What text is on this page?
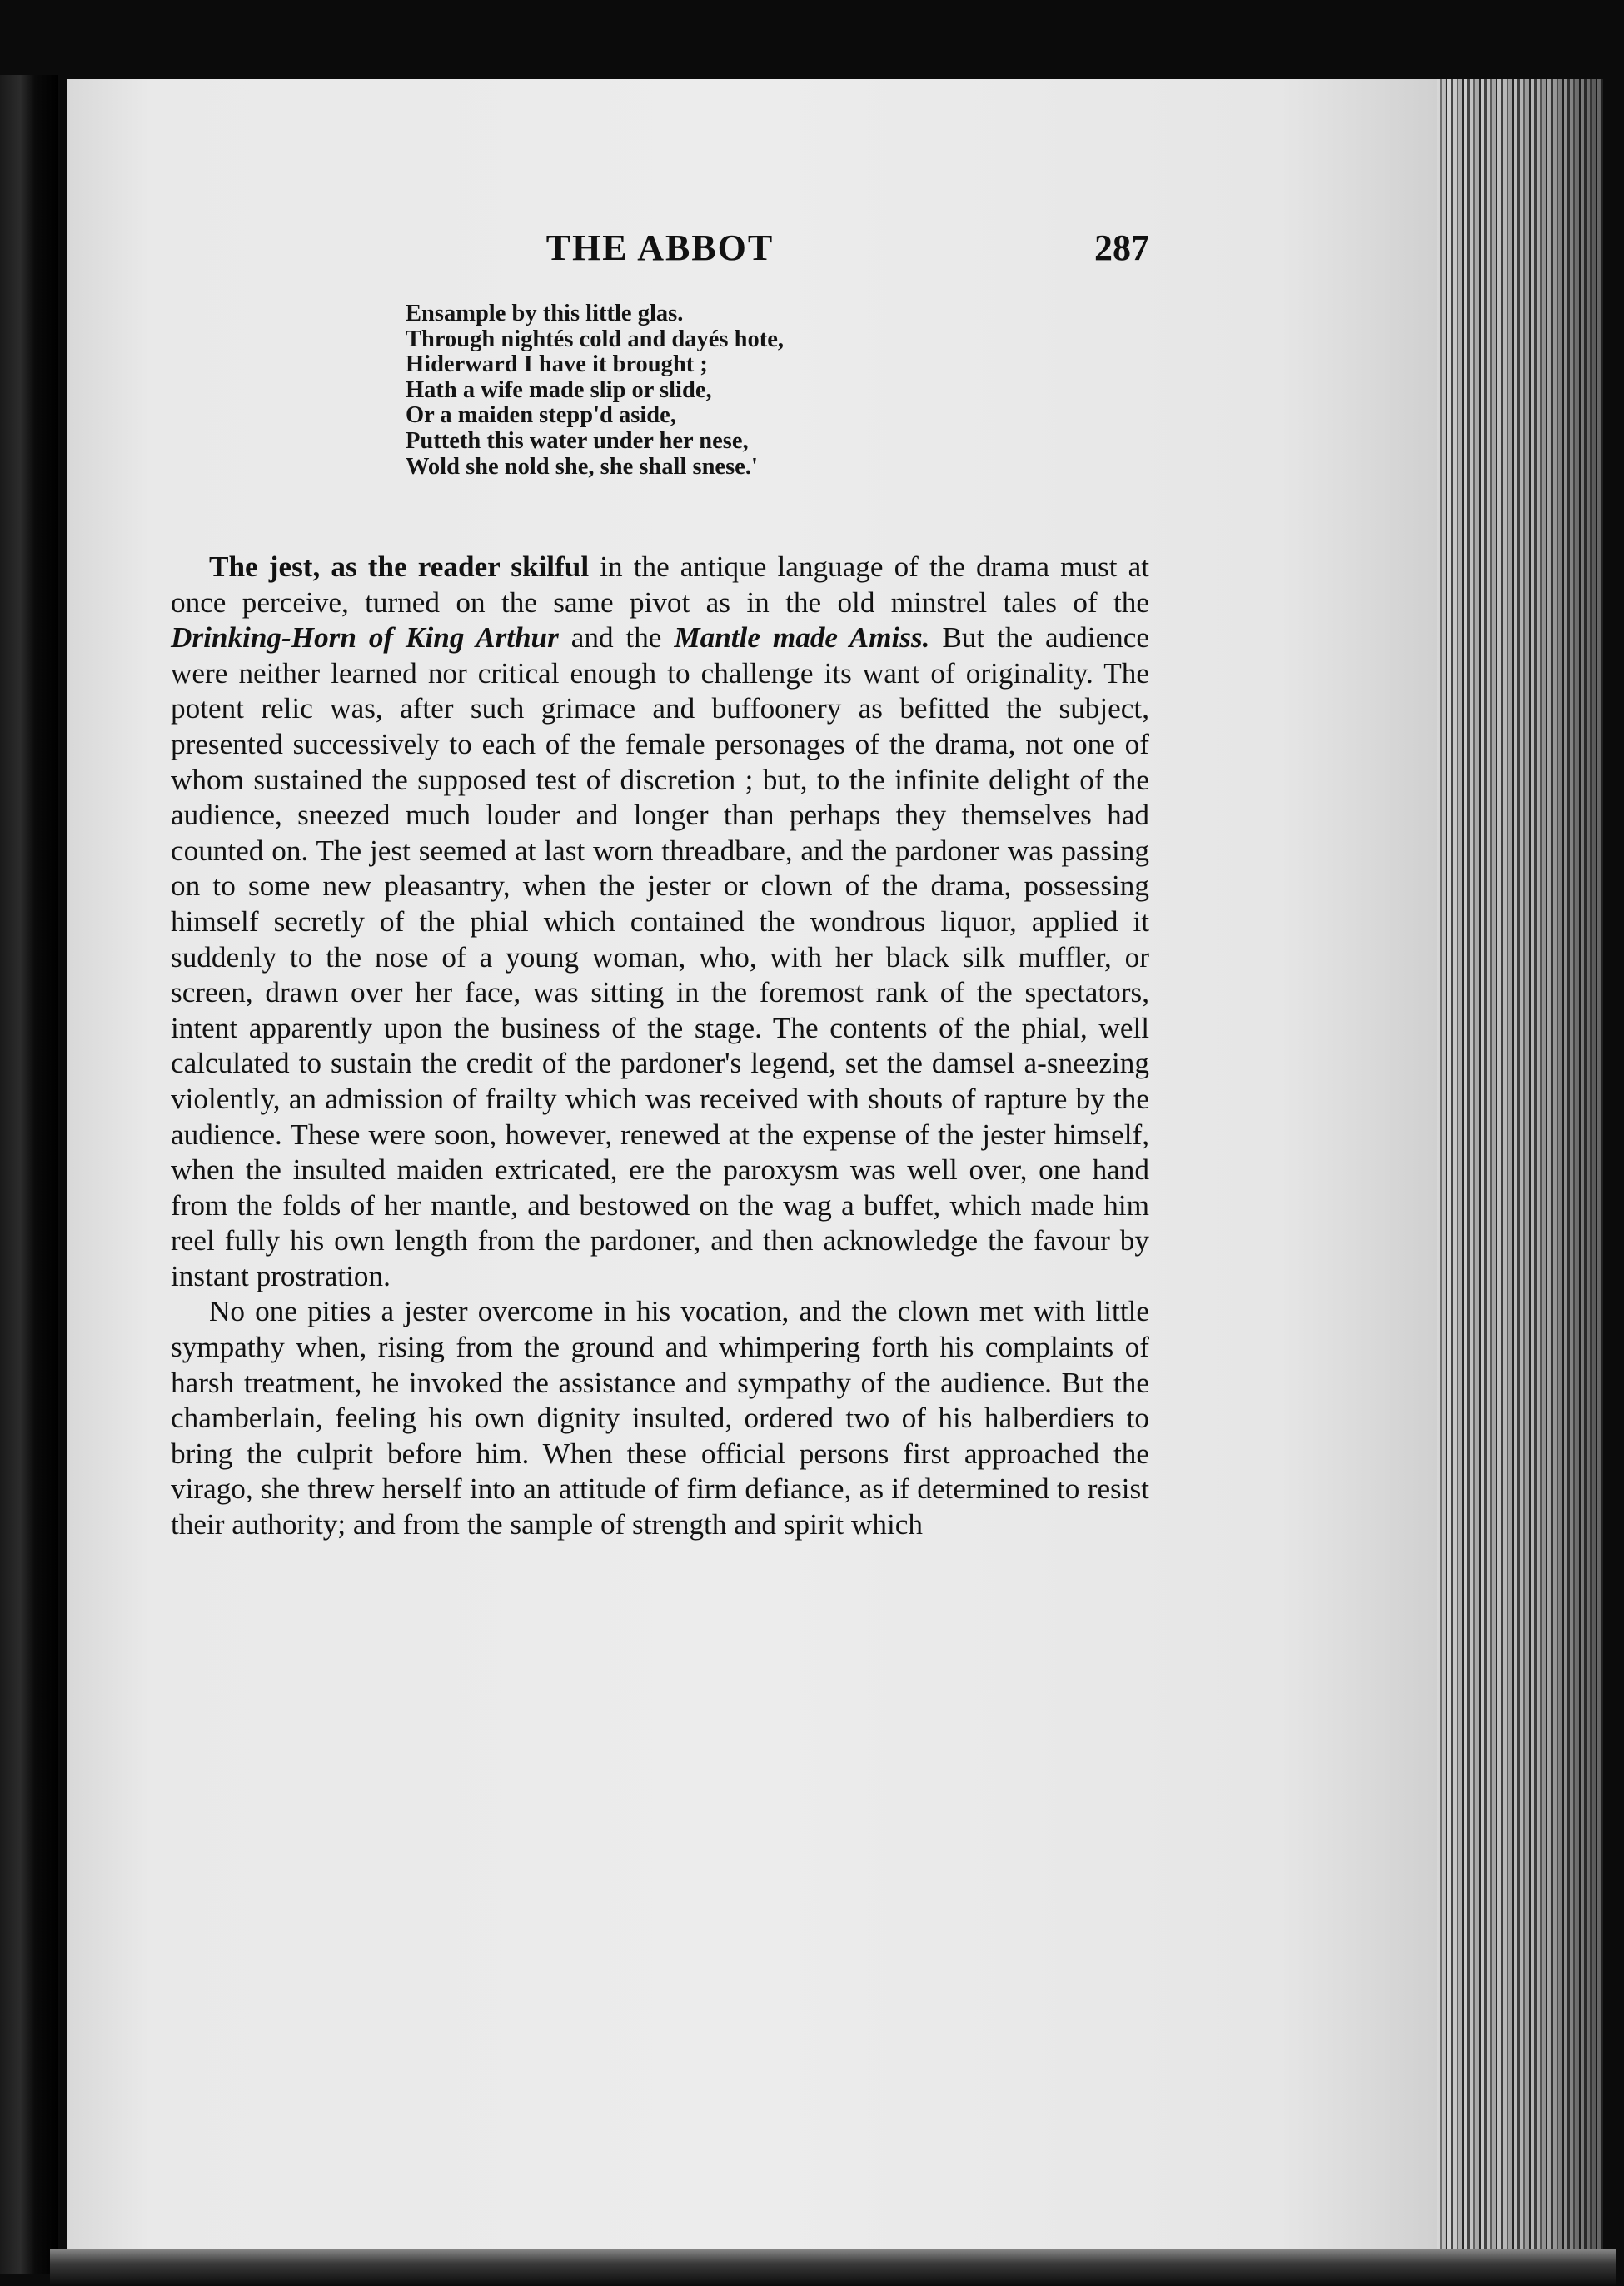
THE ABBOT	287
Ensample by this little glas.
Through nightés cold and dayés hote,
Hiderward I have it brought ;
Hath a wife made slip or slide,
Or a maiden stepp'd aside,
Putteth this water under her nese,
Wold she nold she, she shall snese.'

The jest, as the reader skilful in the antique language of the drama must at once perceive, turned on the same pivot as in the old minstrel tales of the Drinking-Horn of King Arthur and the Mantle made Amiss. But the audience were neither learned nor critical enough to challenge its want of originality. The potent relic was, after such grimace and buffoonery as befitted the subject, presented successively to each of the female personages of the drama, not one of whom sustained the supposed test of discretion ; but, to the infinite delight of the audience, sneezed much louder and longer than perhaps they themselves had counted on. The jest seemed at last worn threadbare, and the pardoner was passing on to some new pleasantry, when the jester or clown of the drama, possessing himself secretly of the phial which contained the wondrous liquor, applied it suddenly to the nose of a young woman, who, with her black silk muffler, or screen, drawn over her face, was sitting in the foremost rank of the spectators, intent apparently upon the business of the stage. The contents of the phial, well calculated to sustain the credit of the pardoner's legend, set the damsel a-sneezing violently, an admission of frailty which was received with shouts of rapture by the audience. These were soon, however, renewed at the expense of the jester himself, when the insulted maiden extricated, ere the paroxysm was well over, one hand from the folds of her mantle, and bestowed on the wag a buffet, which made him reel fully his own length from the pardoner, and then acknowledge the favour by instant prostration.

No one pities a jester overcome in his vocation, and the clown met with little sympathy when, rising from the ground and whimpering forth his complaints of harsh treatment, he invoked the assistance and sympathy of the audience. But the chamberlain, feeling his own dignity insulted, ordered two of his halberdiers to bring the culprit before him. When these official persons first approached the virago, she threw herself into an attitude of firm defiance, as if determined to resist their authority; and from the sample of strength and spirit which
